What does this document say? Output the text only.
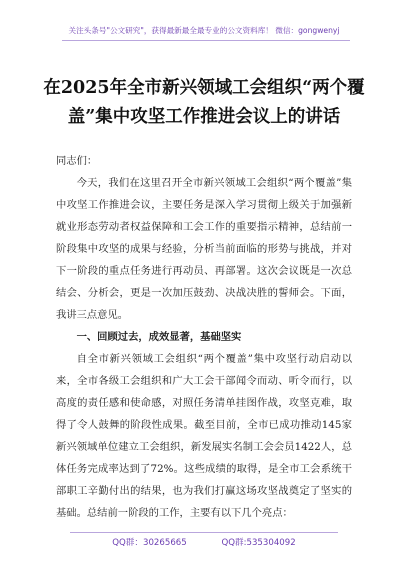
关注头条号"公文研究"，获得最新最全最专业的公文资料库！ 微信：gongwenyj
在2025年全市新兴领域工会组织“两个覆盖”集中攻坚工作推进会议上的讲话

同志们：

今天，我们在这里召开全市新兴领域工会组织“两个覆盖”集中攻坚工作推进会议，主要任务是深入学习贯彻上级关于加强新就业形态劳动者权益保障和工会工作的重要指示精神，总结前一阶段集中攻坚的成果与经验，分析当前面临的形势与挑战，并对下一阶段的重点任务进行再动员、再部署。这次会议既是一次总结会、分析会，更是一次加压鼓劲、决战决胜的誓师会。下面，我讲三点意见。

一、回顾过去，成效显著，基础坚实

自全市新兴领域工会组织“两个覆盖”集中攻坚行动启动以来，全市各级工会组织和广大工会干部闻令而动、听令而行，以高度的责任感和使命感，对照任务清单挂图作战，攻坚克难，取得了令人鼓舞的阶段性成果。截至目前，全市已成功推动145家新兴领域单位建立工会组织，新发展实名制工会会员1422人，总体任务完成率达到了72%。这些成绩的取得，是全市工会系统干部职工辛勤付出的结果，也为我们打赢这场攻坚战奠定了坚实的基础。总结前一阶段的工作，主要有以下几个亮点：

QQ群：30265665	QQ群:535304092
